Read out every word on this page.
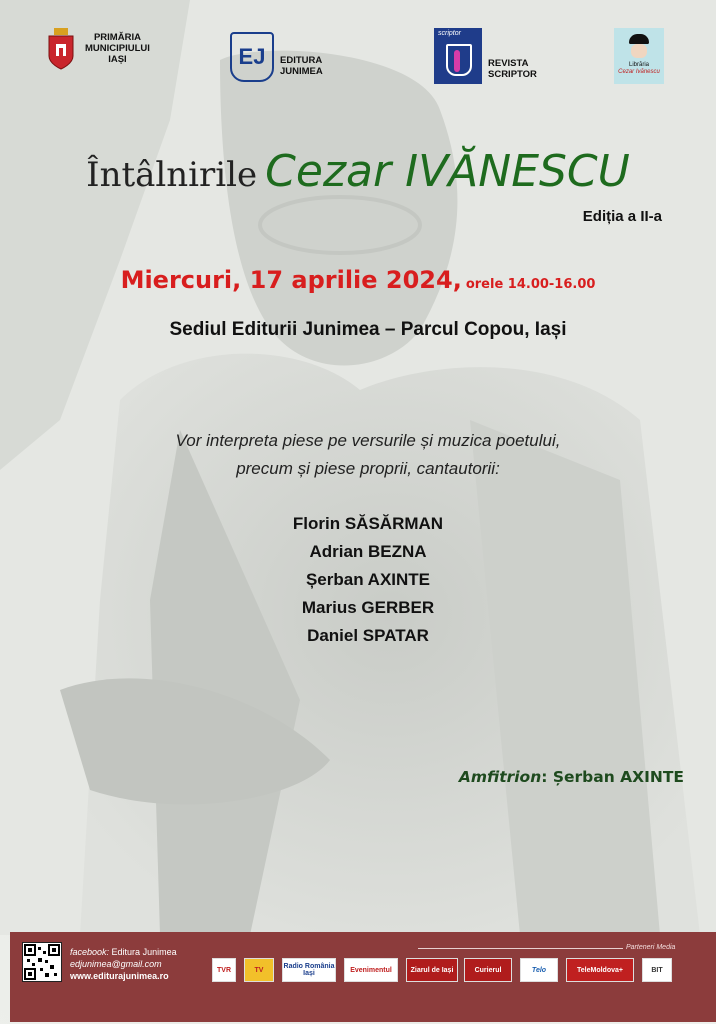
PRIMĂRIA
MUNICIPIULUI
IAȘI	EJ	EDITURA
JUNIMEA
scriptor
REVISTA
SCRIPTOR
Librăria
Cezar Ivănescu
Întâlnirile Cezar IVĂNESCU
Ediția a II-a
Miercuri, 17 aprilie 2024, orele 14.00-16.00
Sediul Editurii Junimea – Parcul Copou, Iași
Vor interpreta piese pe versurile și muzica poetului,
precum și piese proprii, cantautorii:
Florin SĂSĂRMAN
Adrian BEZNA
Șerban AXINTE
Marius GERBER
Daniel SPATAR
Amfitrion: Șerban AXINTE
facebook: Editura Junimea
edjunimea@gmail.com
www.editurajunimea.ro
Parteneri Media
TVR	TV	Radio România Iași	Evenimentul	Ziarul de Iași	Curierul	Telo	TeleMoldova+	BIT
